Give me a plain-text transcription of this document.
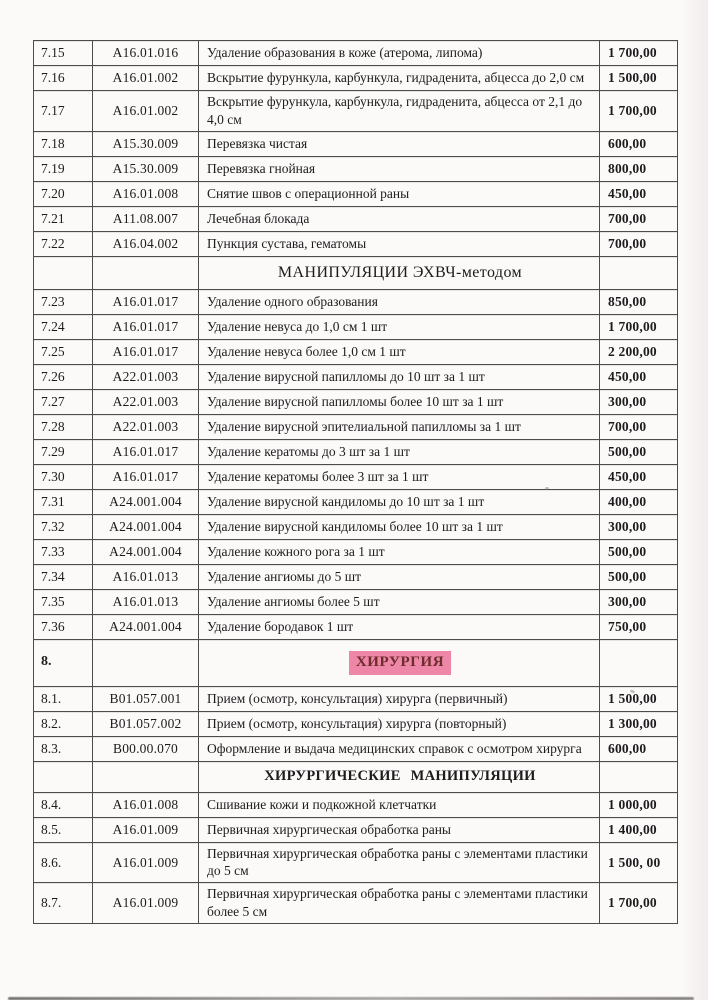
7.15	A16.01.016	Удаление образования в коже (атерома, липома)	1 700,00
7.16	A16.01.002	Вскрытие фурункула, карбункула, гидраденита, абцесса до 2,0 см	1 500,00
7.17	A16.01.002	Вскрытие фурункула, карбункула, гидраденита, абцесса от 2,1 до 4,0 см	1 700,00
7.18	A15.30.009	Перевязка чистая	600,00
7.19	A15.30.009	Перевязка гнойная	800,00
7.20	A16.01.008	Снятие швов с операционной раны	450,00
7.21	A11.08.007	Лечебная блокада	700,00
7.22	A16.04.002	Пункция сустава, гематомы	700,00
		МАНИПУЛЯЦИИ ЭХВЧ-методом	
7.23	A16.01.017	Удаление одного образования	850,00
7.24	A16.01.017	Удаление невуса до 1,0 см 1 шт	1 700,00
7.25	A16.01.017	Удаление невуса более 1,0 см 1 шт	2 200,00
7.26	A22.01.003	Удаление вирусной папилломы до 10 шт за 1 шт	450,00
7.27	A22.01.003	Удаление вирусной папилломы более 10 шт за 1 шт	300,00
7.28	A22.01.003	Удаление вирусной эпителиальной папилломы за 1 шт	700,00
7.29	A16.01.017	Удаление кератомы до 3 шт за 1 шт	500,00
7.30	A16.01.017	Удаление кератомы более 3 шт за 1 шт	450,00
7.31	A24.001.004	Удаление вирусной кандиломы до 10 шт за 1 шт	400,00
7.32	A24.001.004	Удаление вирусной кандиломы более 10 шт за 1 шт	300,00
7.33	A24.001.004	Удаление кожного рога за 1 шт	500,00
7.34	A16.01.013	Удаление ангиомы до 5 шт	500,00
7.35	A16.01.013	Удаление ангиомы более 5 шт	300,00
7.36	A24.001.004	Удаление бородавок 1 шт	750,00
8.		ХИРУРГИЯ	
8.1.	B01.057.001	Прием (осмотр, консультация) хирурга (первичный)	1 500,00
8.2.	B01.057.002	Прием (осмотр, консультация) хирурга (повторный)	1 300,00
8.3.	B00.00.070	Оформление и выдача медицинских справок с осмотром хирурга	600,00
		ХИРУРГИЧЕСКИЕ МАНИПУЛЯЦИИ	
8.4.	A16.01.008	Сшивание кожи и подкожной клетчатки	1 000,00
8.5.	A16.01.009	Первичная хирургическая обработка раны	1 400,00
8.6.	A16.01.009	Первичная хирургическая обработка раны с элементами пластики до 5 см	1 500, 00
8.7.	A16.01.009	Первичная хирургическая обработка раны с элементами пластики более 5 см	1 700,00
